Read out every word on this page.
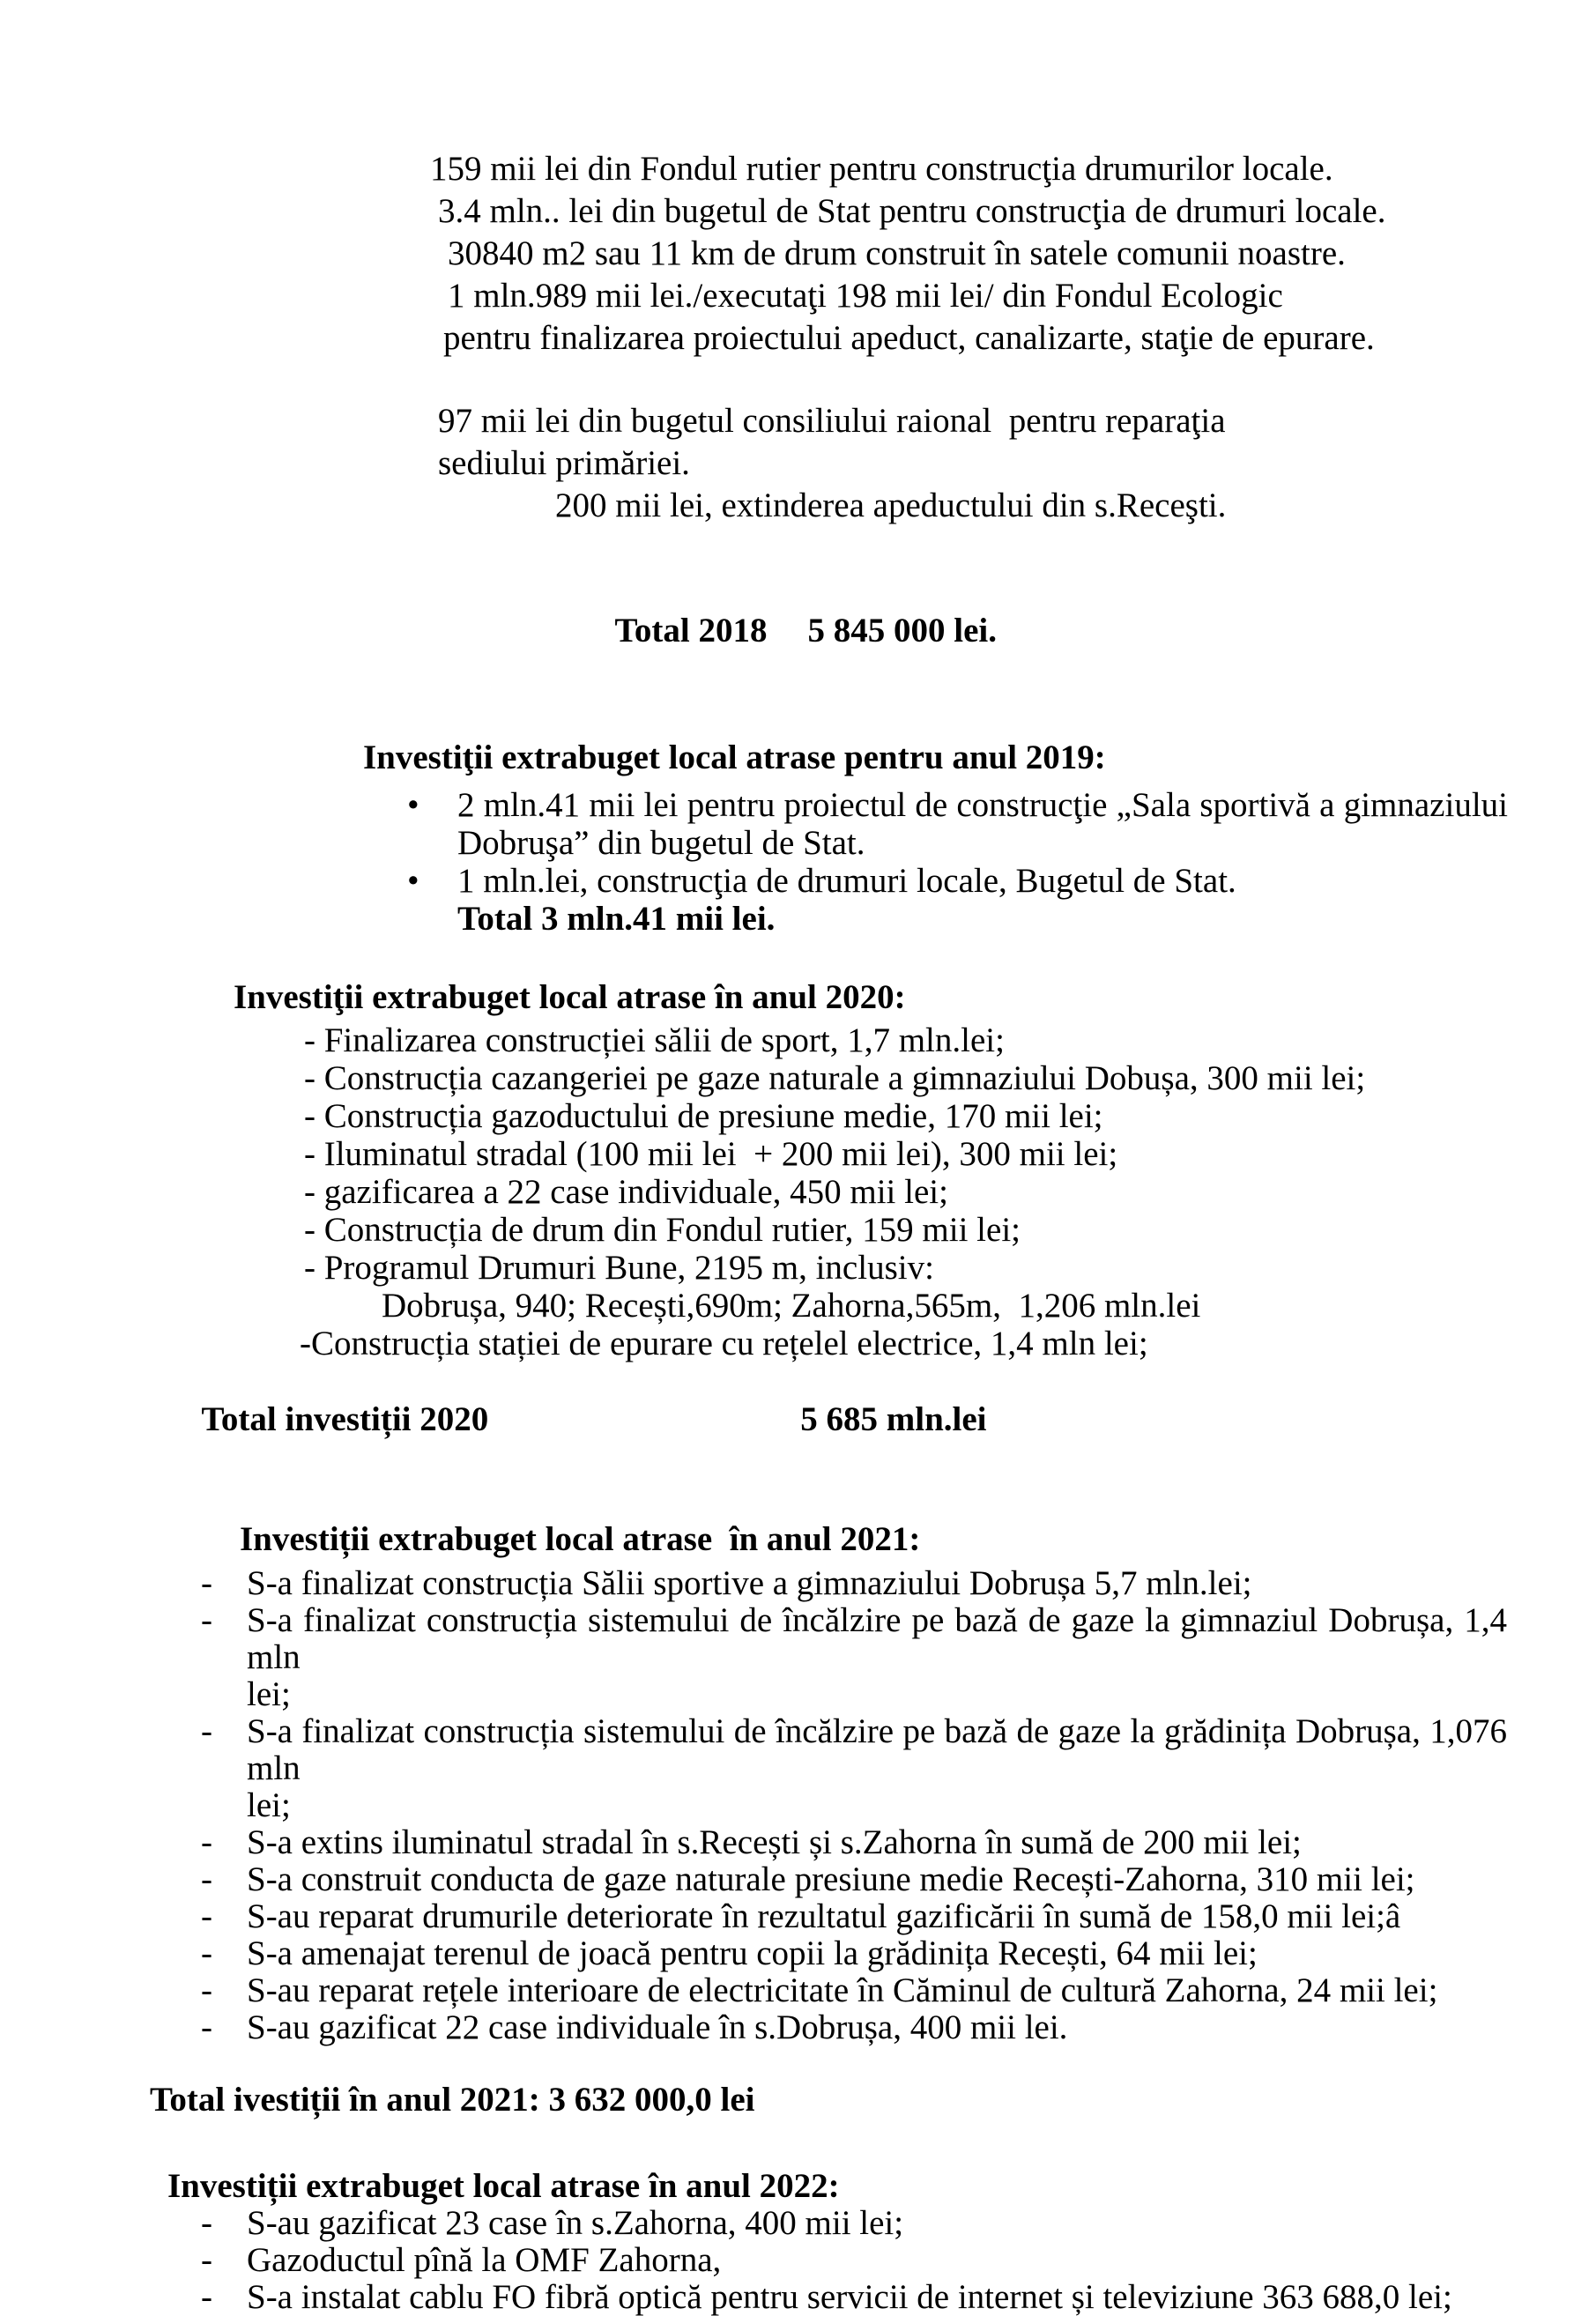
159 mii lei din Fondul rutier pentru construcţia drumurilor locale.
3.4 mln.. lei din bugetul de Stat pentru construcţia de drumuri locale.
30840 m2 sau 11 km de drum construit în satele comunii noastre.
1 mln.989 mii lei./executaţi 198 mii lei/ din Fondul Ecologic
pentru finalizarea proiectului apeduct, canalizarte, staţie de epurare.
97 mii lei din bugetul consiliului raional  pentru reparaţia
sediului primăriei.
200 mii lei, extinderea apeductului din s.Receşti.

Total 2018 5 845 000 lei.

Investiţii extrabuget local atrase pentru anul 2019:
• 2 mln.41 mii lei pentru proiectul de construcţie „Sala sportivă a gimnaziului
Dobruşa” din bugetul de Stat.
• 1 mln.lei, construcţia de drumuri locale, Bugetul de Stat.
Total 3 mln.41 mii lei.
Investiţii extrabuget local atrase în anul 2020:
- Finalizarea construcției sălii de sport, 1,7 mln.lei;
- Construcția cazangeriei pe gaze naturale a gimnaziului Dobușa, 300 mii lei;
- Construcția gazoductului de presiune medie, 170 mii lei;
- Iluminatul stradal (100 mii lei  + 200 mii lei), 300 mii lei;
- gazificarea a 22 case individuale, 450 mii lei;
- Construcția de drum din Fondul rutier, 159 mii lei;
- Programul Drumuri Bune, 2195 m, inclusiv:
Dobrușa, 940; Recești,690m; Zahorna,565m,  1,206 mln.lei
-Construcția stației de epurare cu rețelel electrice, 1,4 mln lei;

Total investiții 2020	5 685 mln.lei

Investiții extrabuget local atrase  în anul 2021:
- S-a finalizat construcția Sălii sportive a gimnaziului Dobrușa 5,7 mln.lei;
- S-a finalizat construcția sistemului de încălzire pe bază de gaze la gimnaziul Dobrușa, 1,4 mln
lei;
- S-a finalizat construcția sistemului de încălzire pe bază de gaze la grădinița Dobrușa, 1,076 mln
lei;
- S-a extins iluminatul stradal în s.Recești și s.Zahorna în sumă de 200 mii lei;
- S-a construit conducta de gaze naturale presiune medie Recești-Zahorna, 310 mii lei;
- S-au reparat drumurile deteriorate în rezultatul gazificării în sumă de 158,0 mii lei;â
- S-a amenajat terenul de joacă pentru copii la grădinița Recești, 64 mii lei;
- S-au reparat rețele interioare de electricitate în Căminul de cultură Zahorna, 24 mii lei;
- S-au gazificat 22 case individuale în s.Dobrușa, 400 mii lei.
Total ivestiții în anul 2021: 3 632 000,0 lei
Investiții extrabuget local atrase în anul 2022:
- S-au gazificat 23 case în s.Zahorna, 400 mii lei;
- Gazoductul pînă la OMF Zahorna,
- S-a instalat cablu FO fibră optică pentru servicii de internet și televiziune 363 688,0 lei;
